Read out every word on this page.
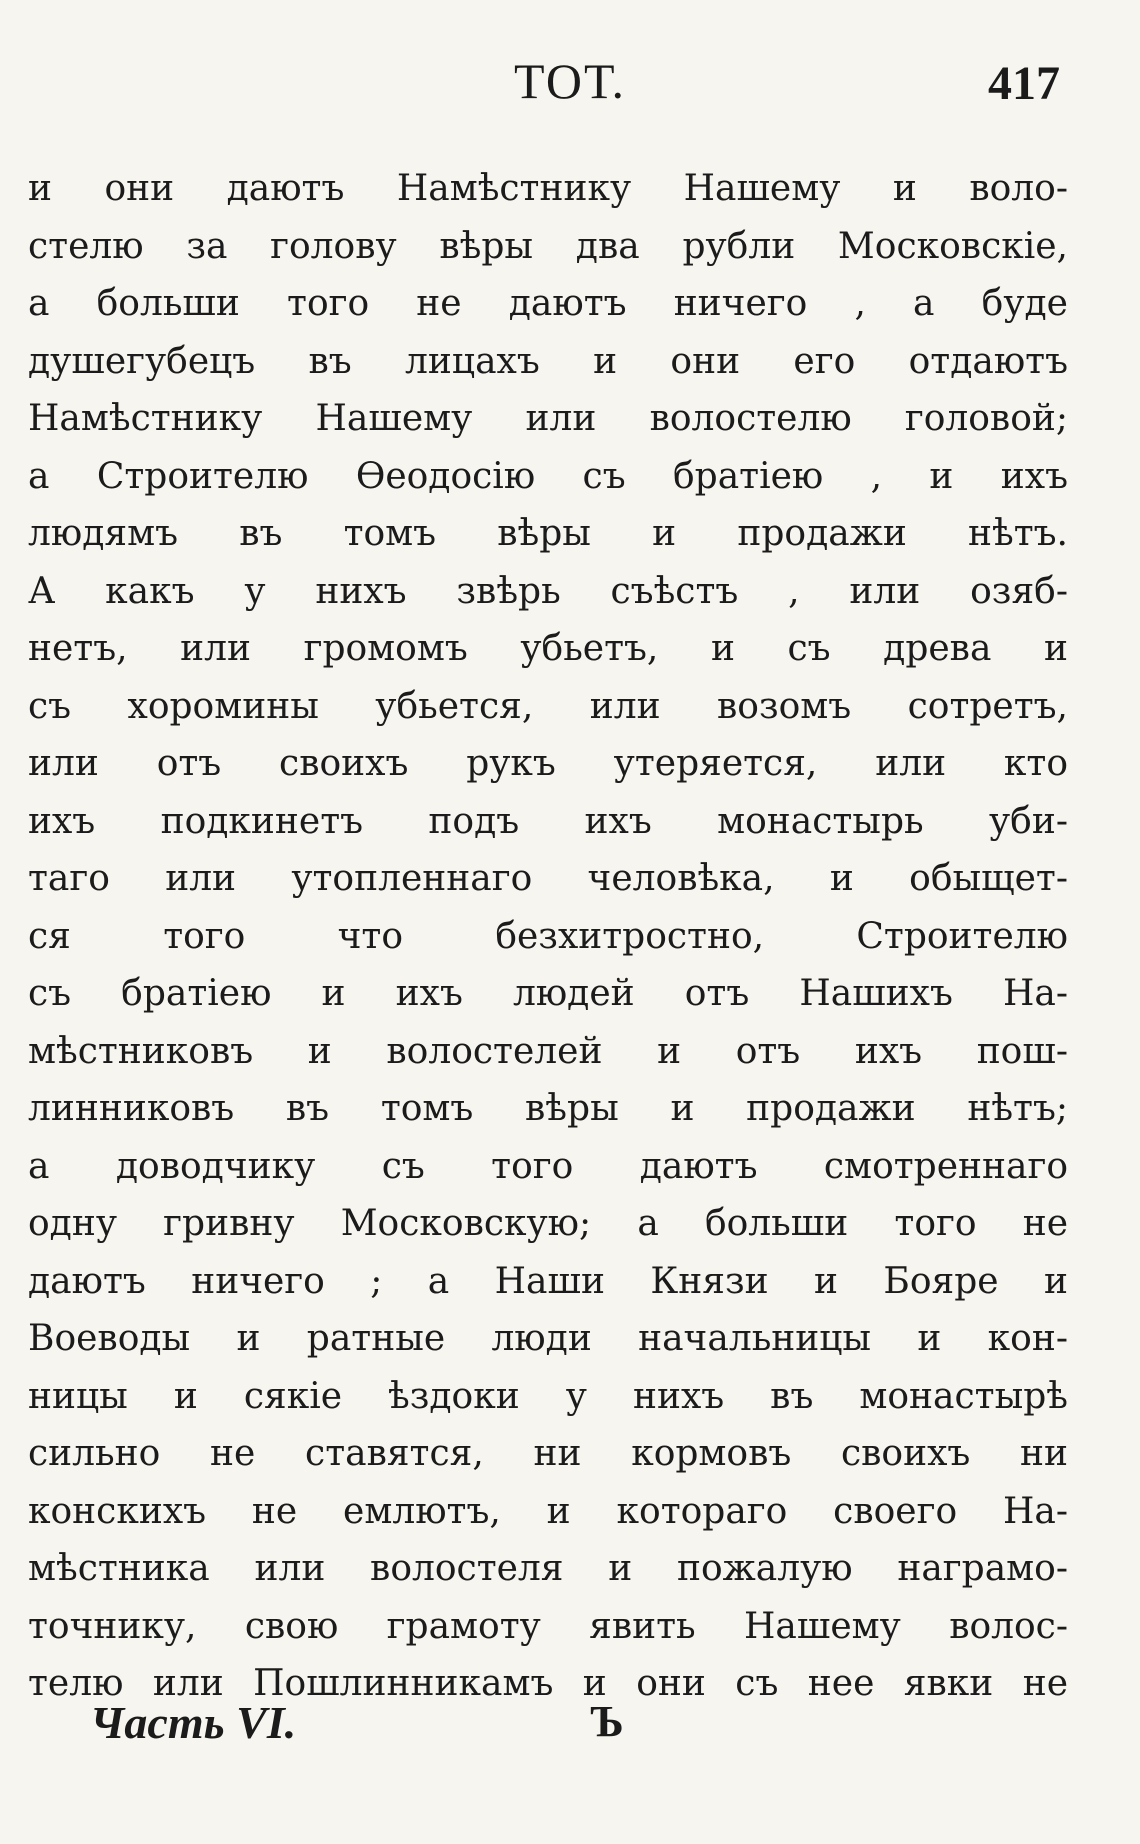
ТОТ.	417
и они даютъ Намѣстнику Нашему и воло-
стелю за голову вѣры два рубли Московскіе,
а больши того не даютъ ничего , а буде
душегубецъ въ лицахъ и они его отдаютъ
Намѣстнику Нашему или волостелю головой;
а Строителю Өеодосію съ братіею , и ихъ
людямъ въ томъ вѣры и продажи нѣтъ.
А какъ у нихъ звѣрь съѣстъ , или озяб-
нетъ, или громомъ убьетъ, и съ древа и
съ хоромины убьется, или возомъ сотретъ,
или отъ своихъ рукъ утеряется, или кто
ихъ подкинетъ подъ ихъ монастырь уби-
таго или утопленнаго человѣка, и обыщет-
ся того что безхитростно, Строителю
съ братіею и ихъ людей отъ Нашихъ На-
мѣстниковъ и волостелей и отъ ихъ пош-
линниковъ въ томъ вѣры и продажи нѣтъ;
а доводчику съ того даютъ смотреннаго
одну гривну Московскую; а больши того не
даютъ ничего ; а Наши Князи и Бояре и
Воеводы и ратные люди начальницы и кон-
ницы и сякіе ѣздоки у нихъ въ монастырѣ
сильно не ставятся, ни кормовъ своихъ ни
конскихъ не емлютъ, и котораго своего На-
мѣстника или волостеля и пожалую награмо-
точнику, свою грамоту явить Нашему волос-
телю или Пошлинникамъ и они съ нее явки не
Часть VI.	Ъ
